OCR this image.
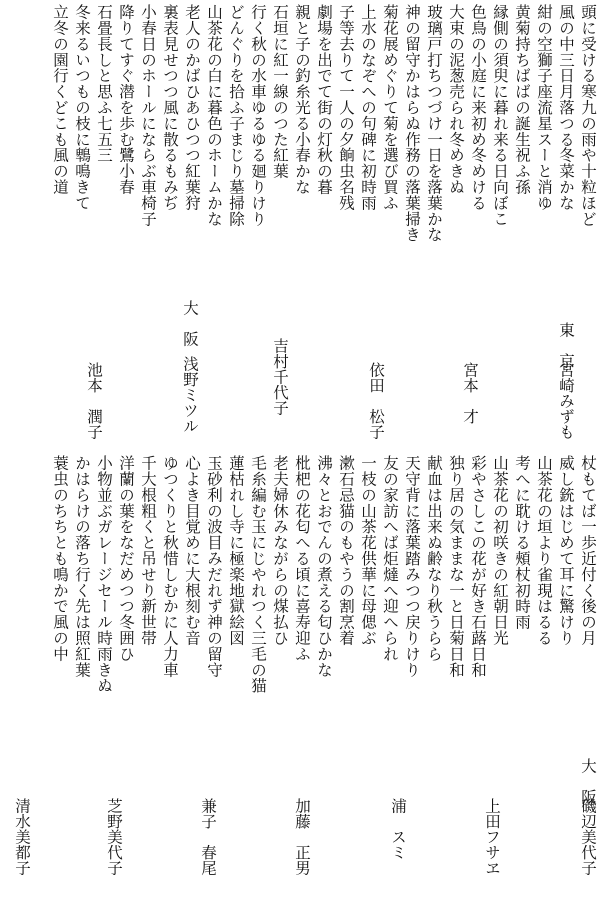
頭に受ける寒九の雨や十粒ほど
風の中三日月落つる冬菜かな
紺の空獅子座流星スーと消ゆ
黄菊持ちばばの誕生祝ふ孫
縁側の須臾に暮れ来る日向ぼこ
色鳥の小庭に来初め冬めける
大束の泥葱売られ冬めきぬ
玻璃戸打ちつづけ一日を落葉かな
神の留守かはらぬ作務の落葉掃き
菊花展めぐりて菊を選び買ふ
上水のなぞへの句碑に初時雨
子等去りて一人の夕餉虫名残
劇場を出でて街の灯秋の暮
親と子の釣糸光る小春かな
石垣に紅一線のつた紅葉
行く秋の水車ゆるゆる廻りけり
どんぐりを拾ふ子まじり墓掃除
山茶花の白に暮色のホームかな
老人のかばひあひつつ紅葉狩
裏表見せつつ風に散るもみぢ
小春日のホールにならぶ車椅子
降りてすぐ潜を歩む鷺小春
石畳長しと思ふ七五三
冬来るいつもの枝に鵯鳴きて
立冬の園行くどこも風の道
東　京
宮崎みずも
宮本　才
依田　松子
吉村千代子
大　阪
浅野ミツル
池本　潤子
杖もてば一歩近付く後の月
威し銃はじめて耳に驚けり
山茶花の垣より雀現はるる
考へに耽ける頰杖初時雨
山茶花の初咲きの紅朝日光
彩やさしこの花が好き石蕗日和
独り居の気ままな一と日菊日和
献血は出来ぬ齢なり秋うらら
天守背に落葉踏みつつ戻りけり
友の家訪へば炬燵へ迎へられ
一枝の山茶花供華に母偲ぶ
漱石忌猫のもやうの割烹着
沸々とおでんの煮える匂ひかな
枇杷の花匂へる頃に喜寿迎ふ
老夫婦休みながらの煤払ひ
毛糸編む玉にじやれつく三毛の猫
蓮枯れし寺に極楽地獄絵図
玉砂利の波目みだれず神の留守
心よき目覚めに大根刻む音
ゆつくりと秋惜しむかに人力車
千大根粗くと吊せり新世帯
洋蘭の葉をなだめつつ冬囲ひ
小物並ぶガレージセール時雨きぬ
かはらけの落ち行く先は照紅葉
蓑虫のちちとも鳴かで風の中
大　阪
磯辺美代子
上田フサヱ
浦　スミ
加藤　正男
兼子　春尾
芝野美代子
清水美都子
